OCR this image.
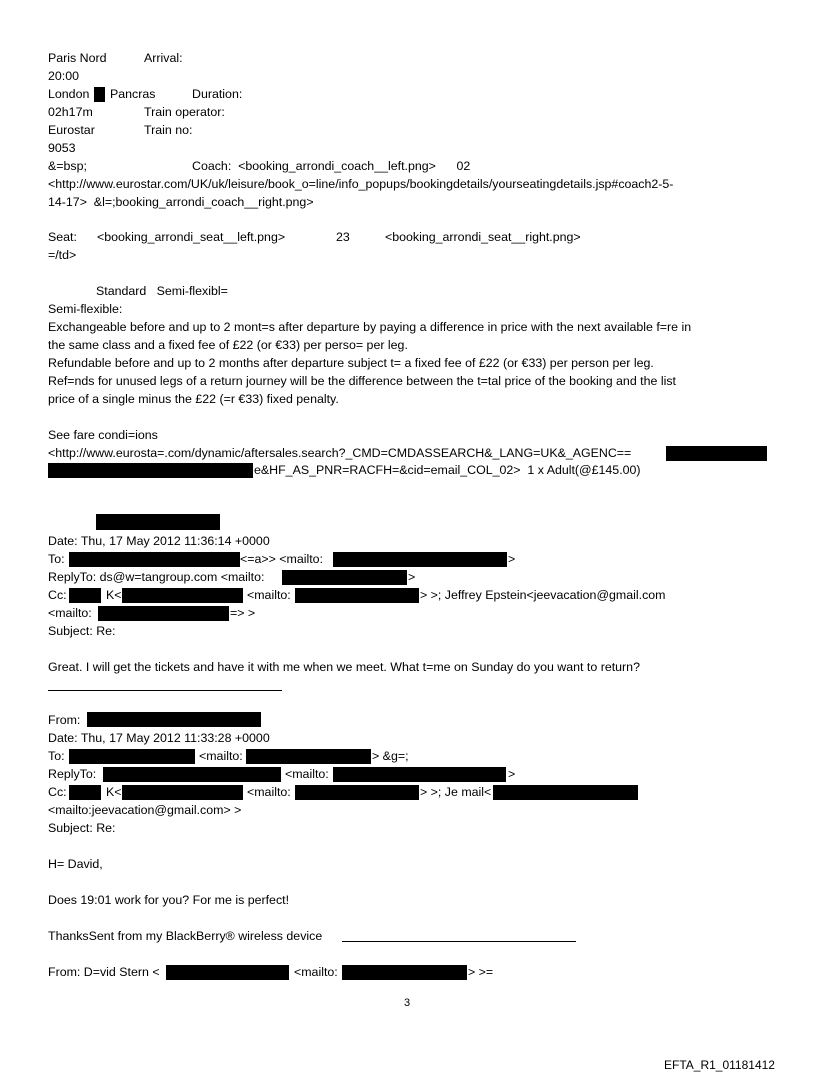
Paris Nord	Arrival:
20:00
London Pancras	Duration:
02h17m	Train operator:
Eurostar	Train no:
9053
&=bsp;	Coach:  <booking_arrondi_coach__left.png>      02
<http://www.eurostar.com/UK/uk/leisure/book_o=line/info_popups/bookingdetails/yourseatingdetails.jsp#coach2-5-
14-17>  &l=;booking_arrondi_coach__right.png>
Seat: <booking_arrondi_seat__left.png>	23	<booking_arrondi_seat__right.png>
=/td>
Standard   Semi-flexibl=
Semi-flexible:
Exchangeable before and up to 2 mont=s after departure by paying a difference in price with the next available f=re in
the same class and a fixed fee of £22 (or €33) per perso= per leg.
Refundable before and up to 2 months after departure subject t= a fixed fee of £22 (or €33) per person per leg.
Ref=nds for unused legs of a return journey will be the difference between the t=tal price of the booking and the list
price of a single minus the £22 (=r €33) fixed penalty.
See fare condi=ions
<http://www.eurosta=.com/dynamic/aftersales.search?_CMD=CMDASSEARCH&_LANG=UK&_AGENC==
e&HF_AS_PNR=RACFH=&cid=email_COL_02>  1 x Adult(@£145.00)
Date: Thu, 17 May 2012 11:36:14 +0000
To:	<=a>> <mailto:	>
ReplyTo: ds@w=tangroup.com <mailto:	>
Cc:	K<	<mailto:	> >; Jeffrey Epstein<jeevacation@gmail.com
<mailto:	=> >
Subject: Re:
Great. I will get the tickets and have it with me when we meet. What t=me on Sunday do you want to return?
From:
Date: Thu, 17 May 2012 11:33:28 +0000
To:	<mailto:	> &g=;
ReplyTo:	<mailto:	>
Cc:	K<	<mailto:	> >; Je mail<
<mailto:jeevacation@gmail.com> >
Subject: Re:
H= David,
Does 19:01 work for you? For me is perfect!
ThanksSent from my BlackBerry® wireless device
From: D=vid Stern <	<mailto:	> >=
3
EFTA_R1_01181412
